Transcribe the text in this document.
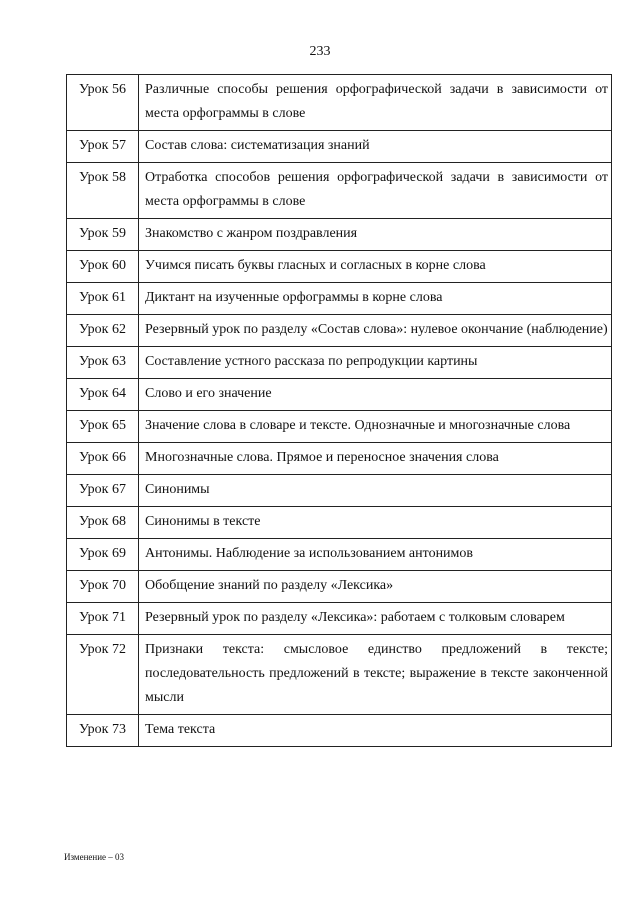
233
Урок 56	Различные способы решения орфографической задачи в зависимости от места орфограммы в слове
Урок 57	Состав слова: систематизация знаний
Урок 58	Отработка способов решения орфографической задачи в зависимости от места орфограммы в слове
Урок 59	Знакомство с жанром поздравления
Урок 60	Учимся писать буквы гласных и согласных в корне слова
Урок 61	Диктант на изученные орфограммы в корне слова
Урок 62	Резервный урок по разделу «Состав слова»: нулевое окончание (наблюдение)
Урок 63	Составление устного рассказа по репродукции картины
Урок 64	Слово и его значение
Урок 65	Значение слова в словаре и тексте. Однозначные и многозначные слова
Урок 66	Многозначные слова. Прямое и переносное значения слова
Урок 67	Синонимы
Урок 68	Синонимы в тексте
Урок 69	Антонимы. Наблюдение за использованием антонимов
Урок 70	Обобщение знаний по разделу «Лексика»
Урок 71	Резервный урок по разделу «Лексика»: работаем с толковым словарем
Урок 72	Признаки текста: смысловое единство предложений в тексте; последовательность предложений в тексте; выражение в тексте законченной мысли
Урок 73	Тема текста
Изменение – 03
